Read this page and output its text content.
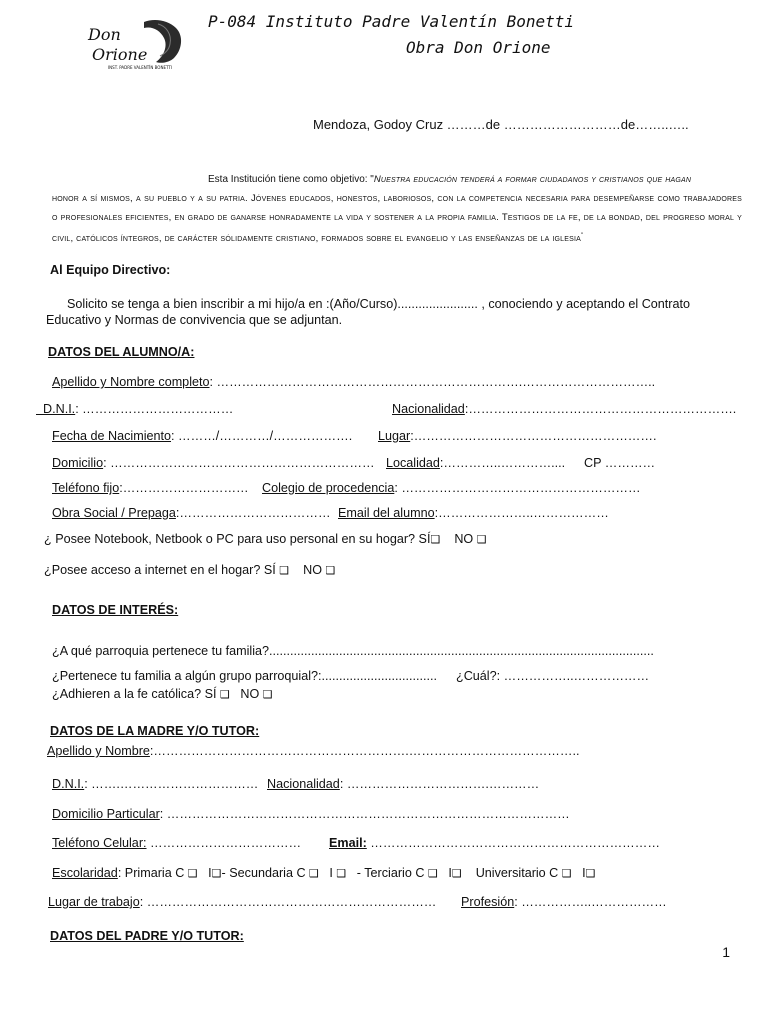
Don
Orione
INST. PADRE VALENTÍN BONETTI
P-084 Instituto Padre Valentín Bonetti
Obra Don Orione
Mendoza, Godoy Cruz ………de ………………………de……..…..
Esta Institución tiene como objetivo: "Nuestra educación tenderá a formar ciudadanos y cristianos que hagan
honor a sí mismos, a su pueblo y a su patria. Jóvenes educados, honestos, laboriosos, con la competencia necesaria para desempeñarse como trabajadores o profesionales eficientes, en grado de ganarse honradamente la vida y sostener a la propia familia. Testigos de la fe, de la bondad, del progreso moral y civil, católicos íntegros, de carácter sólidamente cristiano, formados sobre el evangelio y las enseñanzas de la iglesia"
Al Equipo Directivo:
Solicito se tenga a bien inscribir a mi hijo/a en :(Año/Curso)....................... , conociendo y aceptando el Contrato
Educativo y Normas de convivencia que se adjuntan.
DATOS DEL ALUMNO/A:
Apellido y Nombre completo: ……………………………………………………………….…………………………..
D.N.I.: ………………………………	Nacionalidad:……………………………………………………….
Fecha de Nacimiento: ………/…………/………………. Lugar:………………………………………………….
Domicilio: ……………………………………………………… Localidad:…………..………….... CP …………
Teléfono fijo:………………………… Colegio de procedencia: …………………………………………………
Obra Social / Prepaga:……………………………… Email del alumno:…………………..………………
¿ Posee Notebook, Netbook o PC para uso personal en su hogar? SÍ❑ NO ❑
¿Posee acceso a internet en el hogar? SÍ ❑ NO ❑
DATOS DE INTERÉS:
¿A qué parroquia pertenece tu familia?..............................................................................................................
¿Pertenece tu familia a algún grupo parroquial?:................................. ¿Cuál?: ……………..………………
¿Adhieren a la fe católica? SÍ ❑ NO ❑
DATOS DE LA MADRE Y/O TUTOR:
Apellido y Nombre:…………………………………………………….…………………………………..
D.N.I.: …….…………………………… Nacionalidad: …………………………….…………
Domicilio Particular: ……………………………………………………………………………………
Teléfono Celular: ……………………………… Email: ……………………………………………………………
Escolaridad: Primaria C ❑ I❑- Secundaria C ❑ I ❑ - Terciario C ❑ I❑ Universitario C ❑ I❑
Lugar de trabajo: …………………………………………………………… Profesión: ……………..………………
DATOS DEL PADRE Y/O TUTOR:
1
